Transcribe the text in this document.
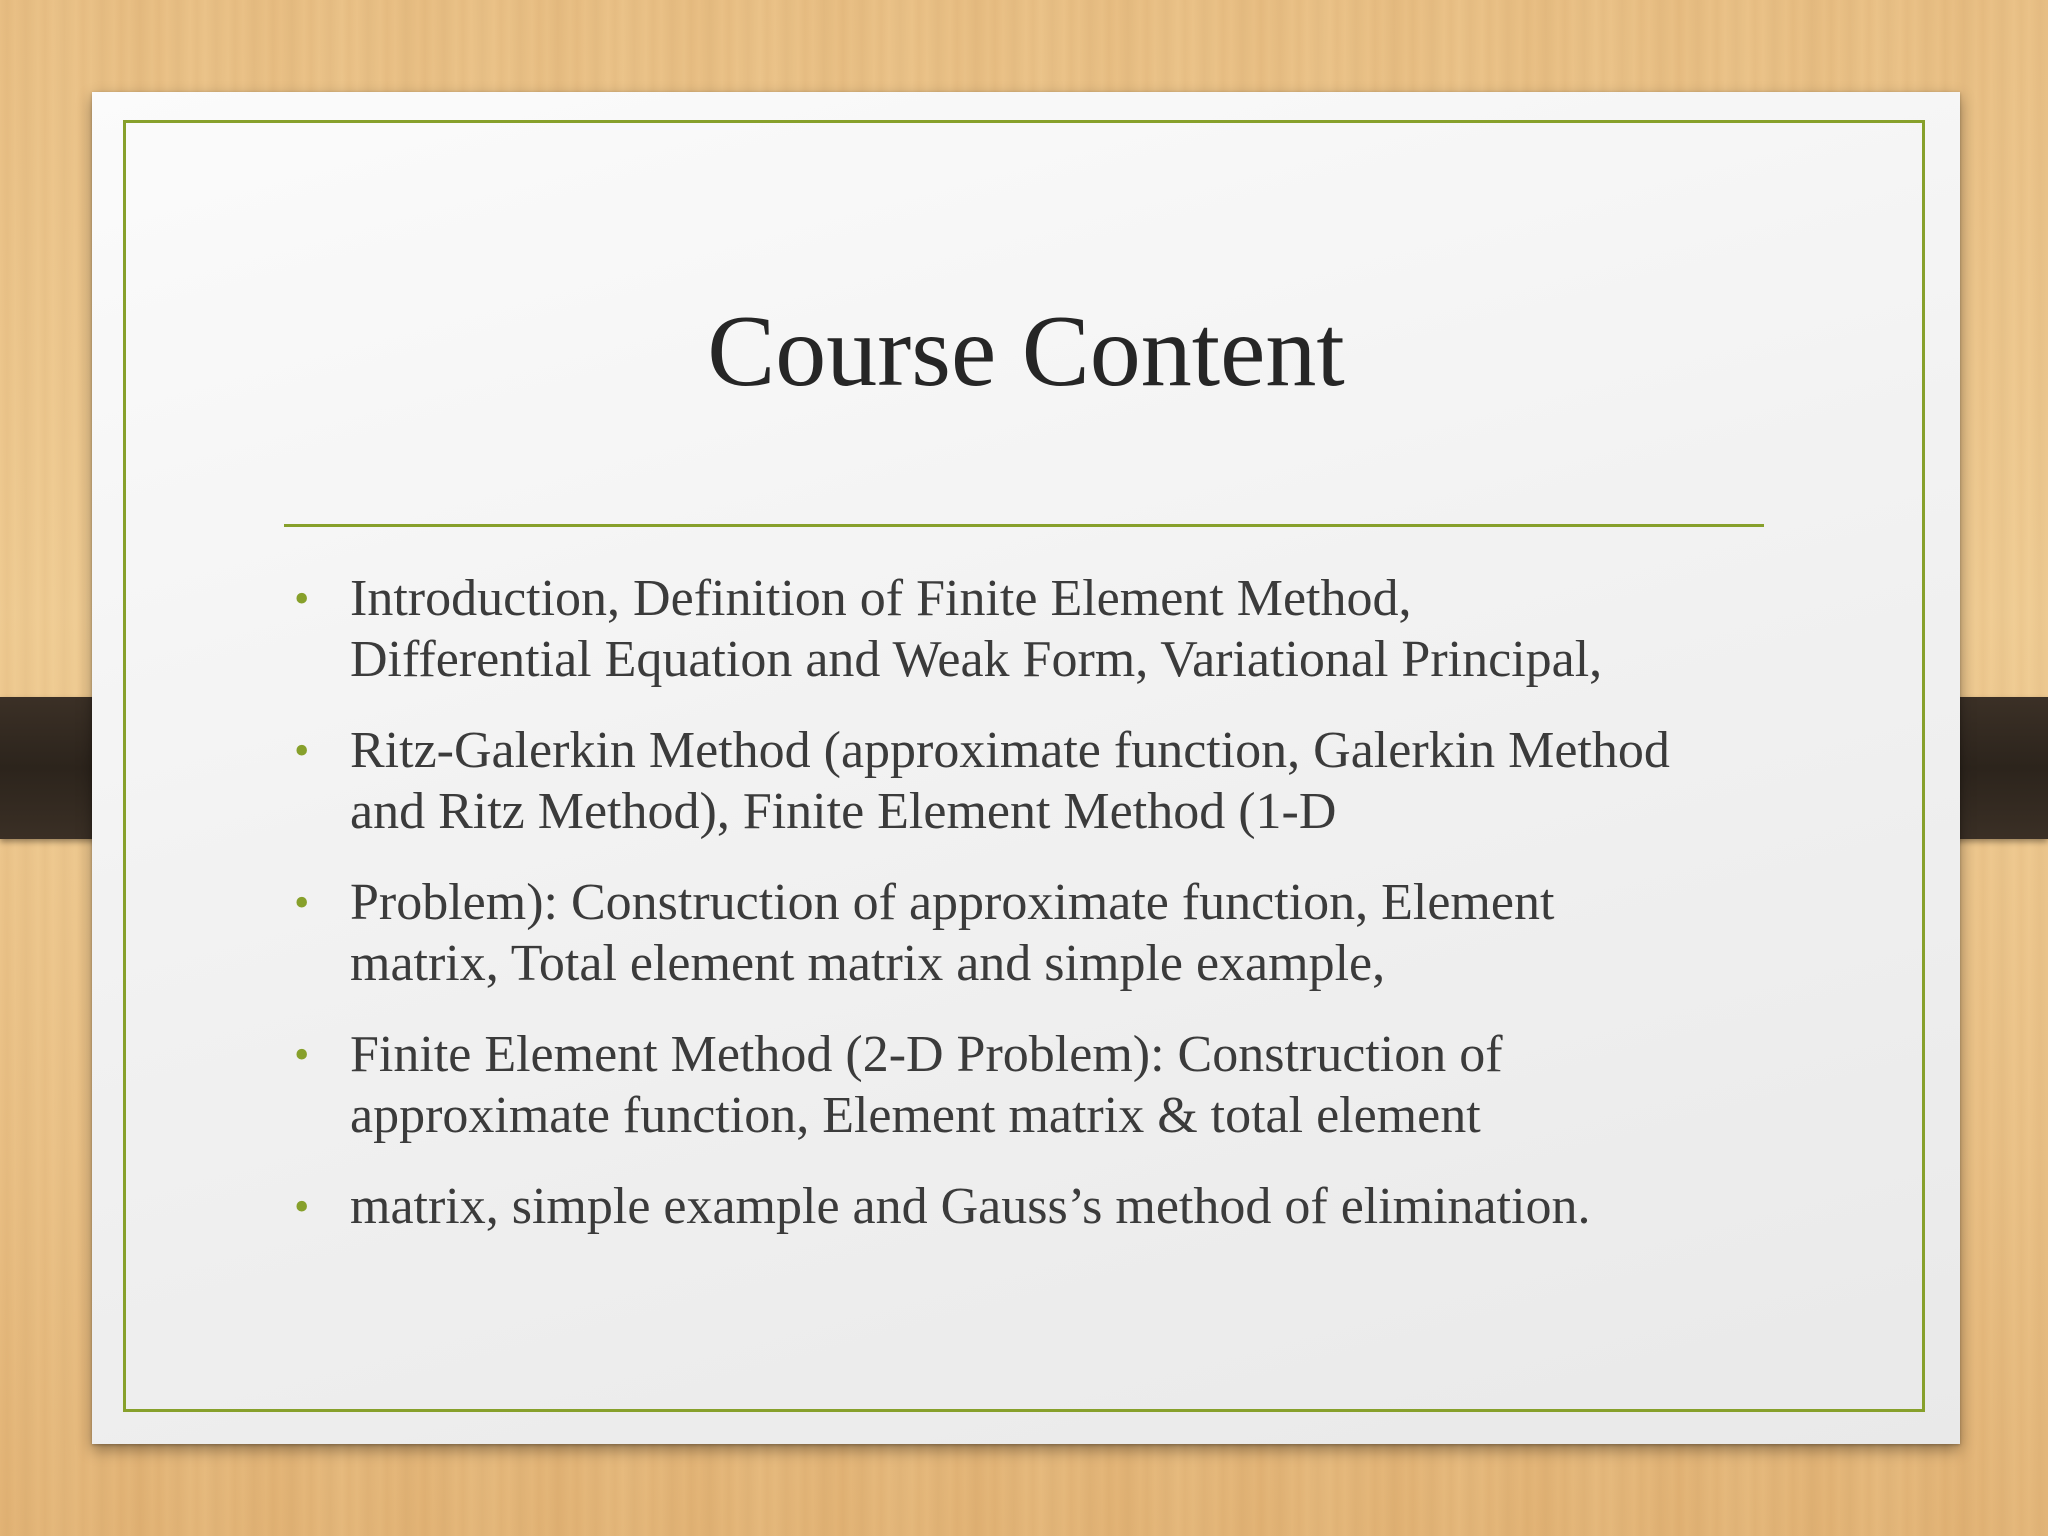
Course Content
• Introduction, Definition of Finite Element Method,
Differential Equation and Weak Form, Variational Principal,
• Ritz-Galerkin Method (approximate function, Galerkin Method
and Ritz Method), Finite Element Method (1-D
• Problem): Construction of approximate function, Element
matrix, Total element matrix and simple example,
• Finite Element Method (2-D Problem): Construction of
approximate function, Element matrix & total element
• matrix, simple example and Gauss’s method of elimination.
